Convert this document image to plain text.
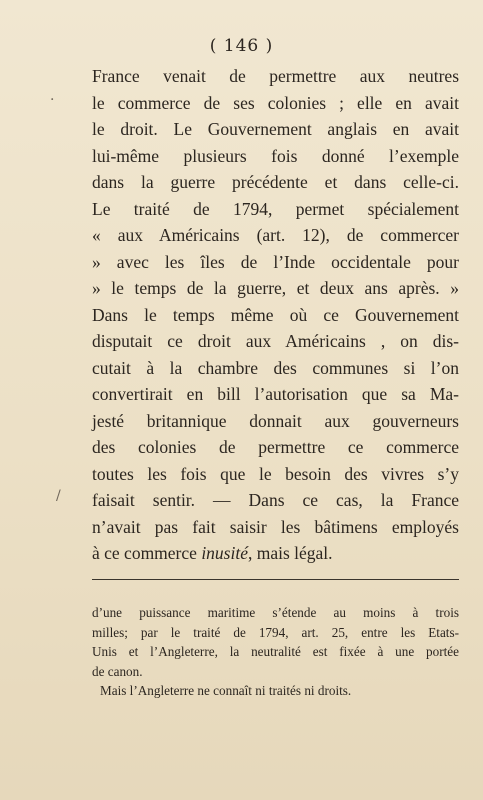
( 146 )
France venait de permettre aux neutres
le commerce de ses colonies ; elle en avait
le droit. Le Gouvernement anglais en avait
lui-même plusieurs fois donné l’exemple
dans la guerre précédente et dans celle-ci.
Le traité de 1794, permet spécialement
« aux Américains (art. 12), de commercer
» avec les îles de l’Inde occidentale pour
» le temps de la guerre, et deux ans après. »
Dans le temps même où ce Gouvernement
disputait ce droit aux Américains , on dis-
cutait à la chambre des communes si l’on
convertirait en bill l’autorisation que sa Ma-
jesté britannique donnait aux gouverneurs
des colonies de permettre ce commerce
toutes les fois que le besoin des vivres s’y
faisait sentir. — Dans ce cas, la France
n’avait pas fait saisir les bâtimens employés
à ce commerce inusité, mais légal.
d’une puissance maritime s’étende au moins à trois
milles; par le traité de 1794, art. 25, entre les Etats-
Unis et l’Angleterre, la neutralité est fixée à une portée
de canon.
Mais l’Angleterre ne connaît ni traités ni droits.
·
/
